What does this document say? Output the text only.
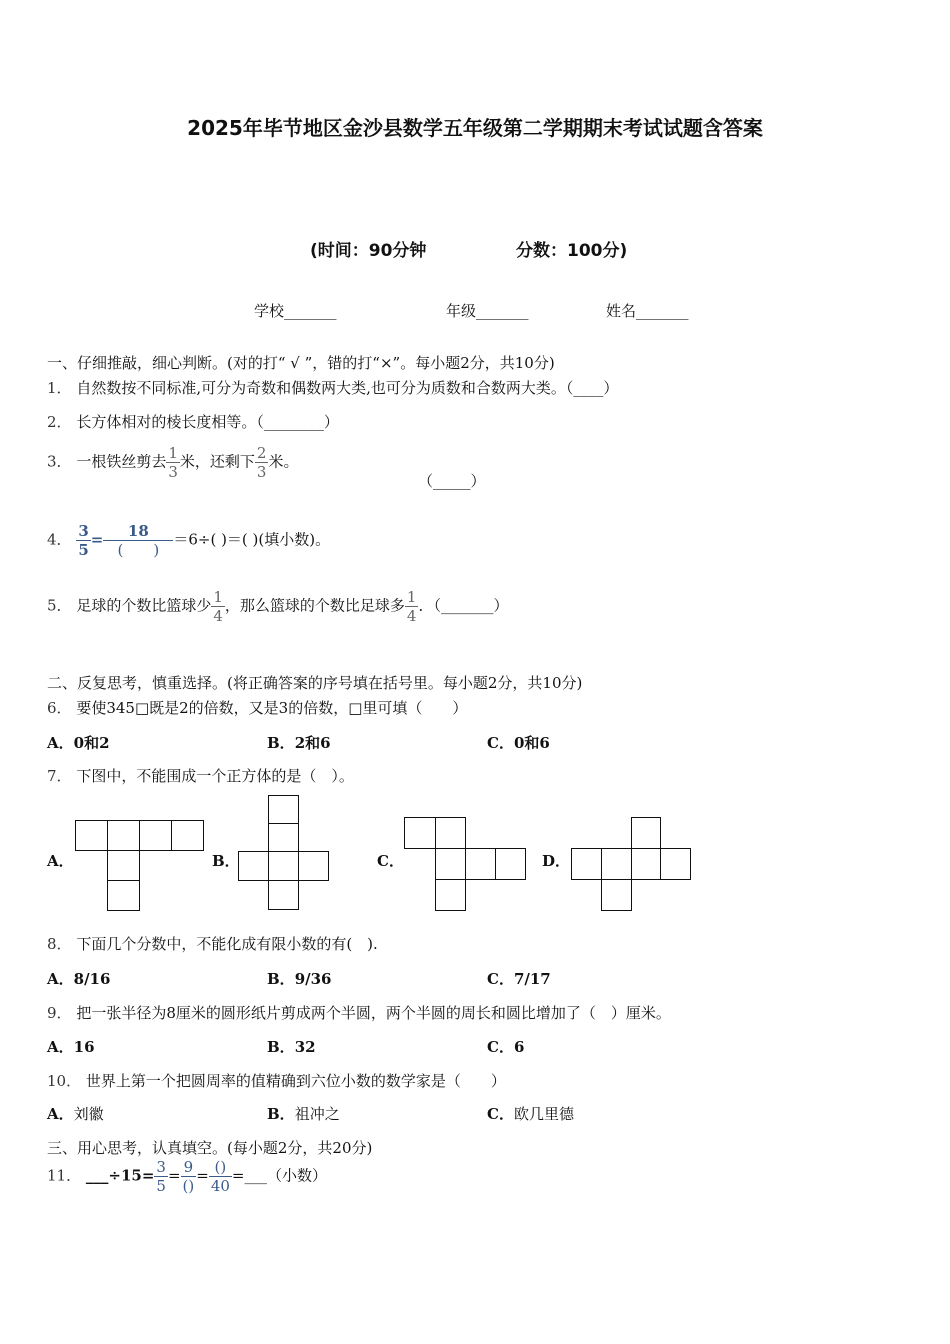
2025年毕节地区金沙县数学五年级第二学期期末考试试题含答案
(时间：90分钟	分数：100分)
学校_______	年级_______	姓名_______
一、仔细推敲，细心判断。(对的打“ √ ”，错的打“×”。每小题2分，共10分)
1． 自然数按不同标准,可分为奇数和偶数两大类,也可分为质数和合数两大类。（____）
2． 长方体相对的棱长度相等。（________）
3． 一根铁丝剪去 $\frac{1}{3}$ 米，还剩下 $\frac{2}{3}$ 米。
（_____）
4． $\frac{3}{5} = \frac{18}{( )} =6\div$( )＝( )(填小数)。
5． 足球的个数比篮球少 $\frac{1}{4}$ ，那么篮球的个数比足球多 $\frac{1}{4}$ ．（_______）
二、反复思考，慎重选择。(将正确答案的序号填在括号里。每小题2分，共10分)
6． 要使345□既是2的倍数，又是3的倍数，□里可填（　　）
A．0和2	B．2和6	C．0和6
7． 下图中，不能围成一个正方体的是（　）。
A．	B．	C．	D．
8． 下面几个分数中，不能化成有限小数的有(　).
A．8/16	B．9/36	C．7/17
9． 把一张半径为8厘米的圆形纸片剪成两个半圆，两个半圆的周长和圆比增加了（　）厘米。
A．16	B．32	C．6
10． 世界上第一个把圆周率的值精确到六位小数的数学家是（　　）
A．刘徽	B．祖冲之	C．欧几里德
三、用心思考，认真填空。(每小题2分，共20分)
11． ___÷15= $\frac{3}{5} = \frac{9}{()} = \frac{()}{40}$ =___（小数）
